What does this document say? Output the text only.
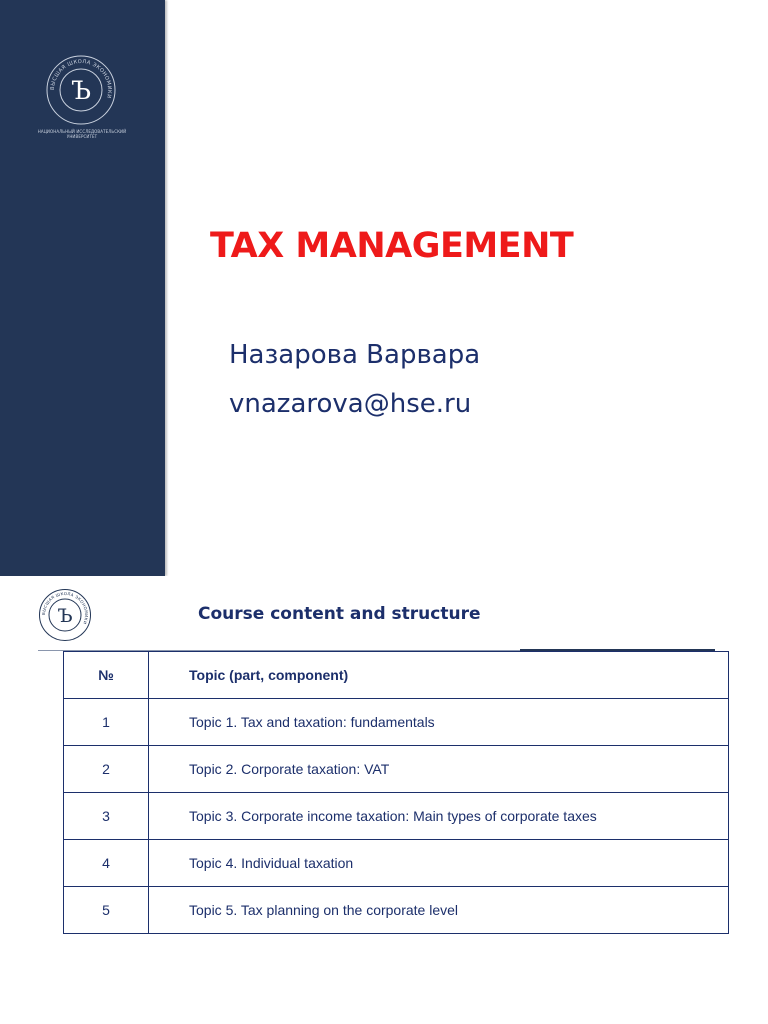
ВЫСШАЯ ШКОЛА ЭКОНОМИКИ
Ъ
НАЦИОНАЛЬНЫЙ ИССЛЕДОВАТЕЛЬСКИЙ
УНИВЕРСИТЕТ
TAX MANAGEMENT
Назарова Варвара
vnazarova@hse.ru
ВЫСШАЯ ШКОЛА ЭКОНОМИКИ
Ъ	Course content and structure
№	Topic (part, component)
1	Topic 1. Tax and taxation: fundamentals
2	Topic 2. Corporate taxation: VAT
3	Topic 3. Corporate income taxation: Main types of corporate taxes
4	Topic 4. Individual taxation
5	Topic 5. Tax planning on the corporate level
